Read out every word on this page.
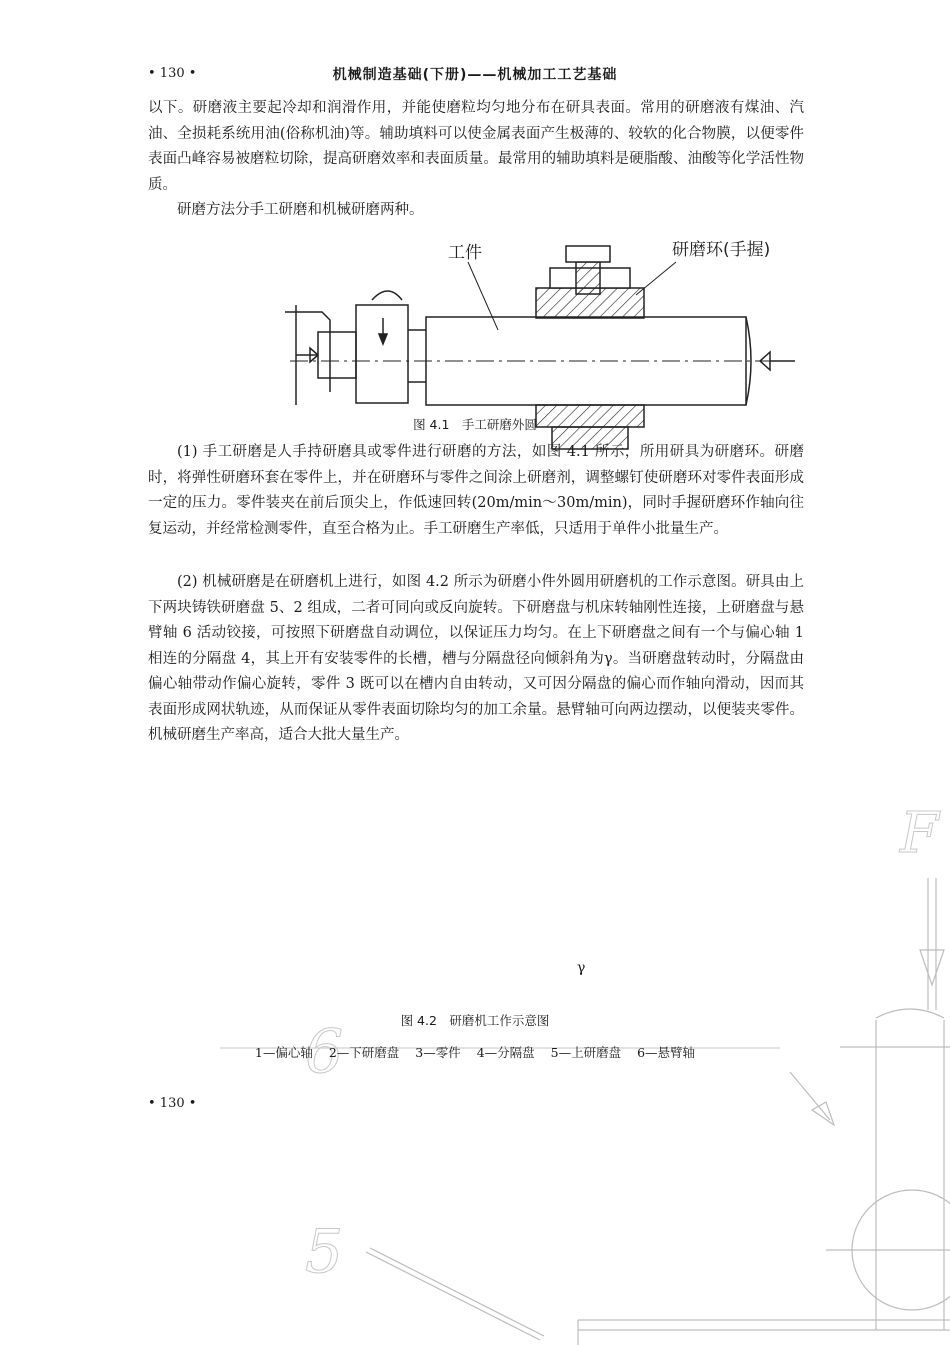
• 130 •	机械制造基础(下册)——机械加工工艺基础

以下。研磨液主要起冷却和润滑作用，并能使磨粒均匀地分布在研具表面。常用的研磨液有煤油、汽油、全损耗系统用油(俗称机油)等。辅助填料可以使金属表面产生极薄的、较软的化合物膜，以便零件表面凸峰容易被磨粒切除，提高研磨效率和表面质量。最常用的辅助填料是硬脂酸、油酸等化学活性物质。

研磨方法分手工研磨和机械研磨两种。

工件	研磨环(手握)
F
6
5
图 4.1　手工研磨外圆

(1) 手工研磨是人手持研磨具或零件进行研磨的方法，如图 4.1 所示，所用研具为研磨环。研磨时，将弹性研磨环套在零件上，并在研磨环与零件之间涂上研磨剂，调整螺钉使研磨环对零件表面形成一定的压力。零件装夹在前后顶尖上，作低速回转(20m/min～30m/min)，同时手握研磨环作轴向往复运动，并经常检测零件，直至合格为止。手工研磨生产率低，只适用于单件小批量生产。

(2) 机械研磨是在研磨机上进行，如图 4.2 所示为研磨小件外圆用研磨机的工作示意图。研具由上下两块铸铁研磨盘 5、2 组成，二者可同向或反向旋转。下研磨盘与机床转轴刚性连接，上研磨盘与悬臂轴 6 活动铰接，可按照下研磨盘自动调位，以保证压力均匀。在上下研磨盘之间有一个与偏心轴 1 相连的分隔盘 4，其上开有安装零件的长槽，槽与分隔盘径向倾斜角为γ。当研磨盘转动时，分隔盘由偏心轴带动作偏心旋转，零件 3 既可以在槽内自由转动，又可因分隔盘的偏心而作轴向滑动，因而其表面形成网状轨迹，从而保证从零件表面切除均匀的加工余量。悬臂轴可向两边摆动，以便装夹零件。机械研磨生产率高，适合大批大量生产。

γ
图 4.2　研磨机工作示意图
1—偏心轴 2—下研磨盘 3—零件 4—分隔盘 5—上研磨盘 6—悬臂轴
• 130 •
